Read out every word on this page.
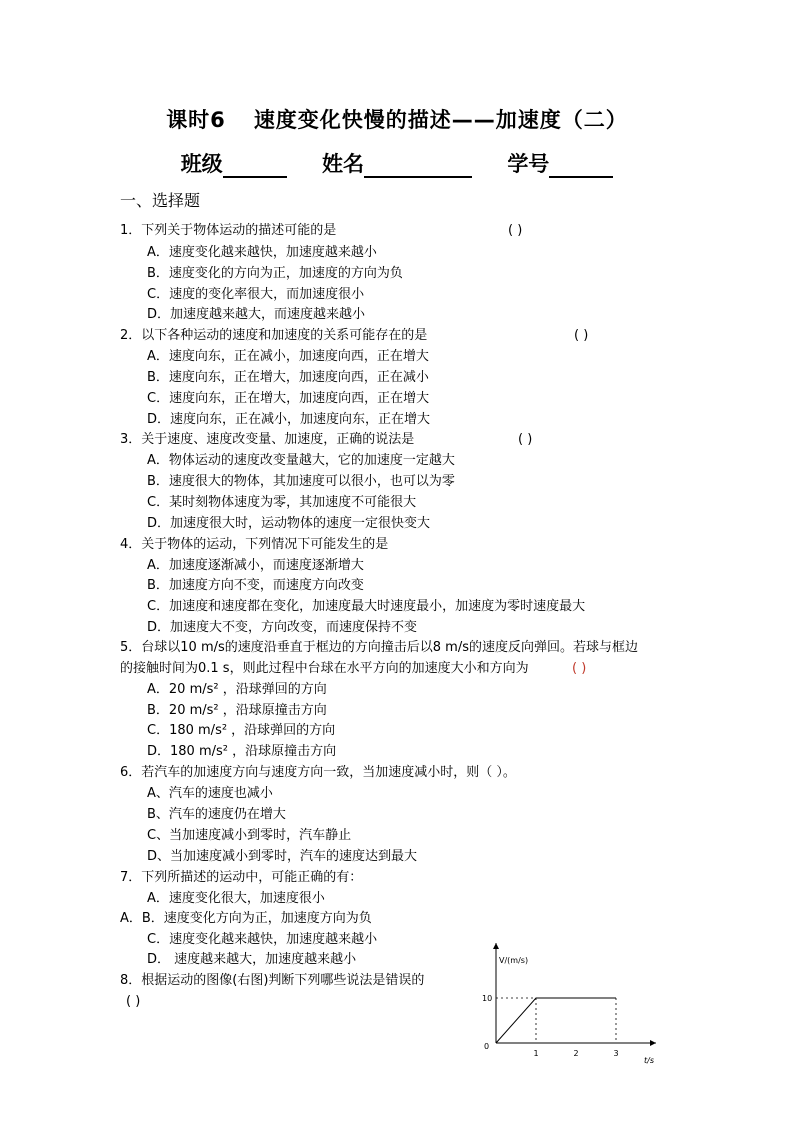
课时6 速度变化快慢的描述——加速度（二）
班级	姓名	学号
一、选择题
1．下列关于物体运动的描述可能的是	( )
A．速度变化越来越快，加速度越来越小
B．速度变化的方向为正，加速度的方向为负
C．速度的变化率很大，而加速度很小
D．加速度越来越大，而速度越来越小
2．以下各种运动的速度和加速度的关系可能存在的是	( )
A．速度向东，正在减小，加速度向西，正在增大
B．速度向东，正在增大，加速度向西，正在减小
C．速度向东，正在增大，加速度向西，正在增大
D．速度向东，正在减小，加速度向东，正在增大
3．关于速度、速度改变量、加速度，正确的说法是	( )
A．物体运动的速度改变量越大，它的加速度一定越大
B．速度很大的物体，其加速度可以很小，也可以为零
C．某时刻物体速度为零，其加速度不可能很大
D．加速度很大时，运动物体的速度一定很快变大
4．关于物体的运动，下列情况下可能发生的是
A．加速度逐渐减小，而速度逐渐增大
B．加速度方向不变，而速度方向改变
C．加速度和速度都在变化，加速度最大时速度最小，加速度为零时速度最大
D．加速度大不变，方向改变，而速度保持不变
5．台球以10 m/s的速度沿垂直于框边的方向撞击后以8 m/s的速度反向弹回。若球与框边
的接触时间为0.1 s，则此过程中台球在水平方向的加速度大小和方向为	( )
A．20 m/s² ，沿球弹回的方向
B．20 m/s² ，沿球原撞击方向
C．180 m/s² ，沿球弹回的方向
D．180 m/s² ，沿球原撞击方向
6．若汽车的加速度方向与速度方向一致，当加速度减小时，则（ ）。
A、汽车的速度也减小
B、汽车的速度仍在增大
C、当加速度减小到零时，汽车静止
D、当加速度减小到零时，汽车的速度达到最大
7．下列所描述的运动中，可能正确的有：
A．速度变化很大，加速度很小
A．B．速度变化方向为正，加速度方向为负
C．速度变化越来越快，加速度越来越小
D． 速度越来越大，加速度越来越小
8．根据运动的图像(右图)判断下列哪些说法是错误的
( )
V/(m/s)
t/s
0
10
1	2	3
